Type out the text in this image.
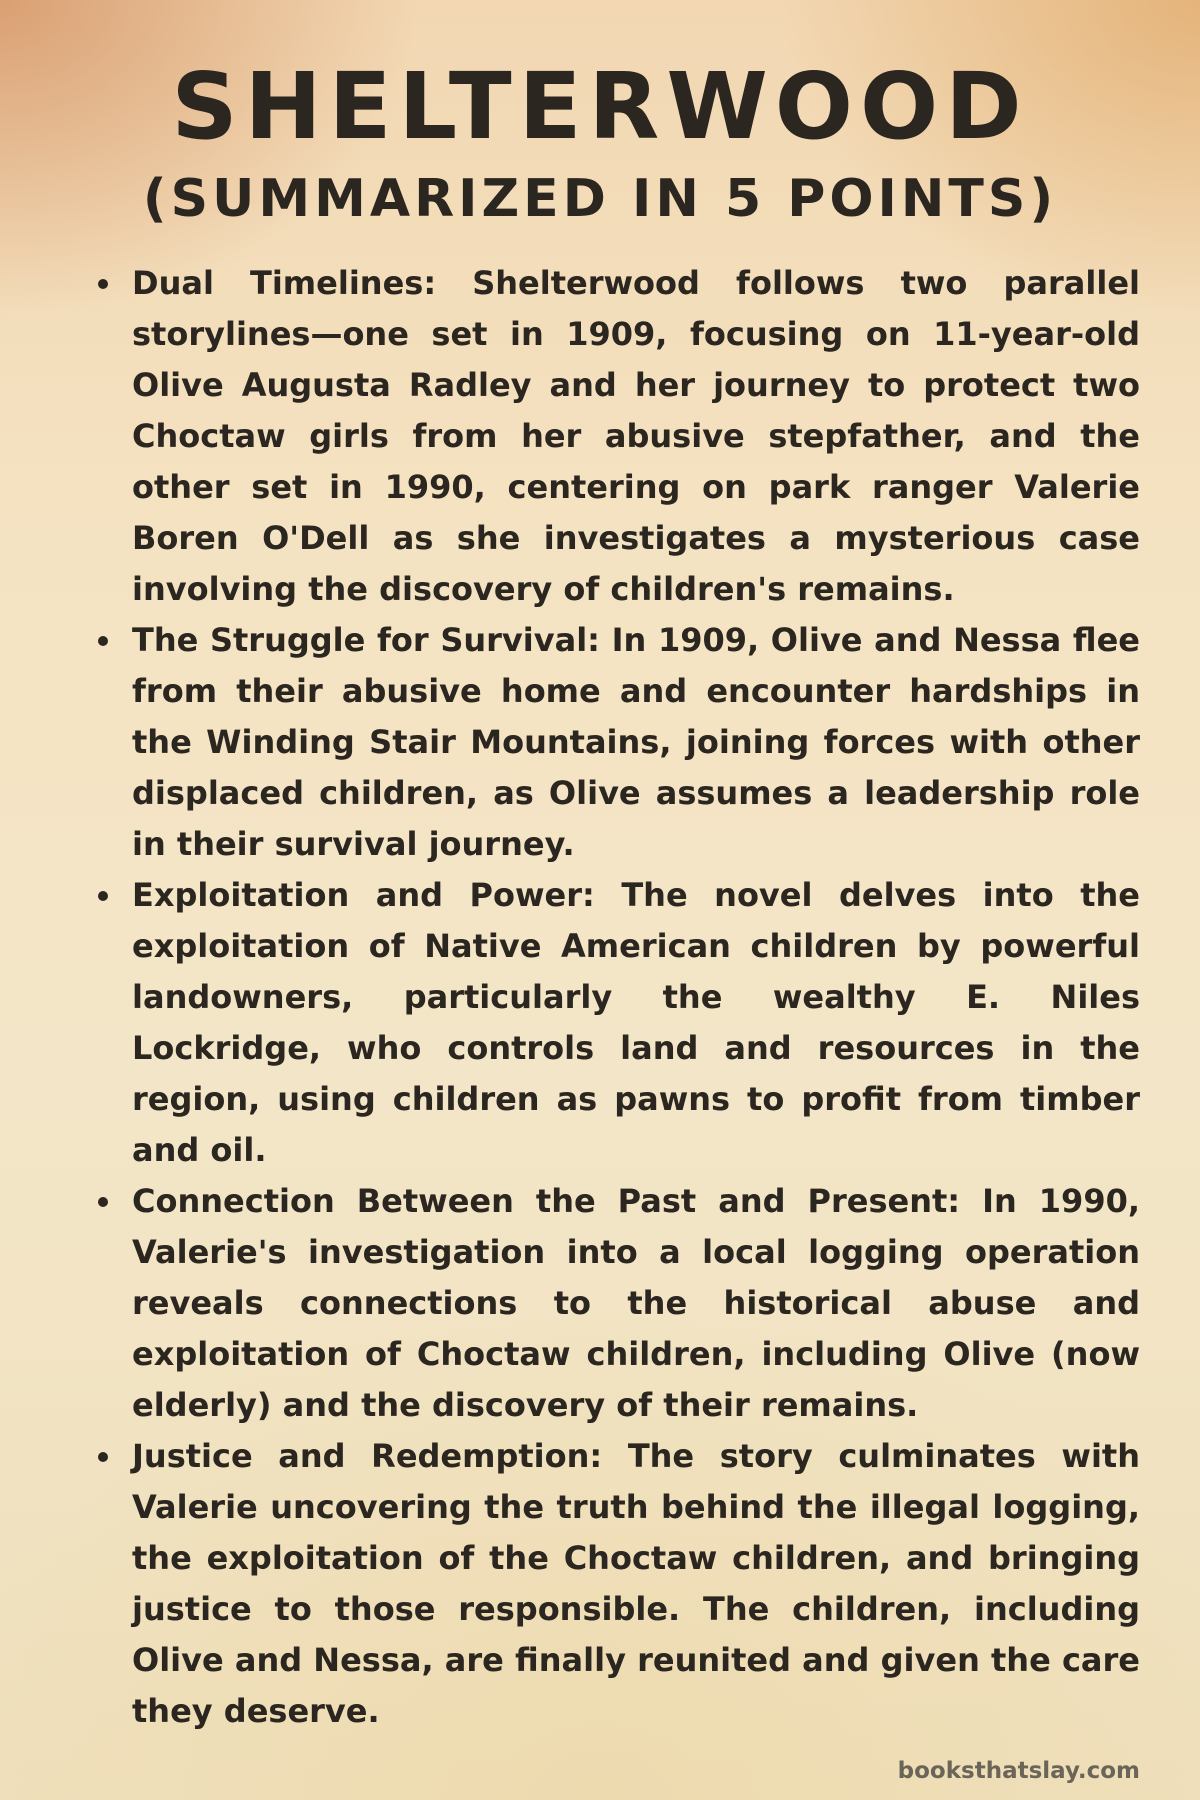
SHELTERWOOD
(SUMMARIZED IN 5 POINTS)
Dual Timelines: Shelterwood follows two parallel storylines—one set in 1909, focusing on 11-year-old Olive Augusta Radley and her journey to protect two Choctaw girls from her abusive stepfather, and the other set in 1990, centering on park ranger Valerie Boren O'Dell as she investigates a mysterious case involving the discovery of children's remains.
The Struggle for Survival: In 1909, Olive and Nessa flee from their abusive home and encounter hardships in the Winding Stair Mountains, joining forces with other displaced children, as Olive assumes a leadership role in their survival journey.
Exploitation and Power: The novel delves into the exploitation of Native American children by powerful landowners, particularly the wealthy E. Niles Lockridge, who controls land and resources in the region, using children as pawns to profit from timber and oil.
Connection Between the Past and Present: In 1990, Valerie's investigation into a local logging operation reveals connections to the historical abuse and exploitation of Choctaw children, including Olive (now elderly) and the discovery of their remains.
Justice and Redemption: The story culminates with Valerie uncovering the truth behind the illegal logging, the exploitation of the Choctaw children, and bringing justice to those responsible. The children, including Olive and Nessa, are finally reunited and given the care they deserve.
booksthatslay.com
